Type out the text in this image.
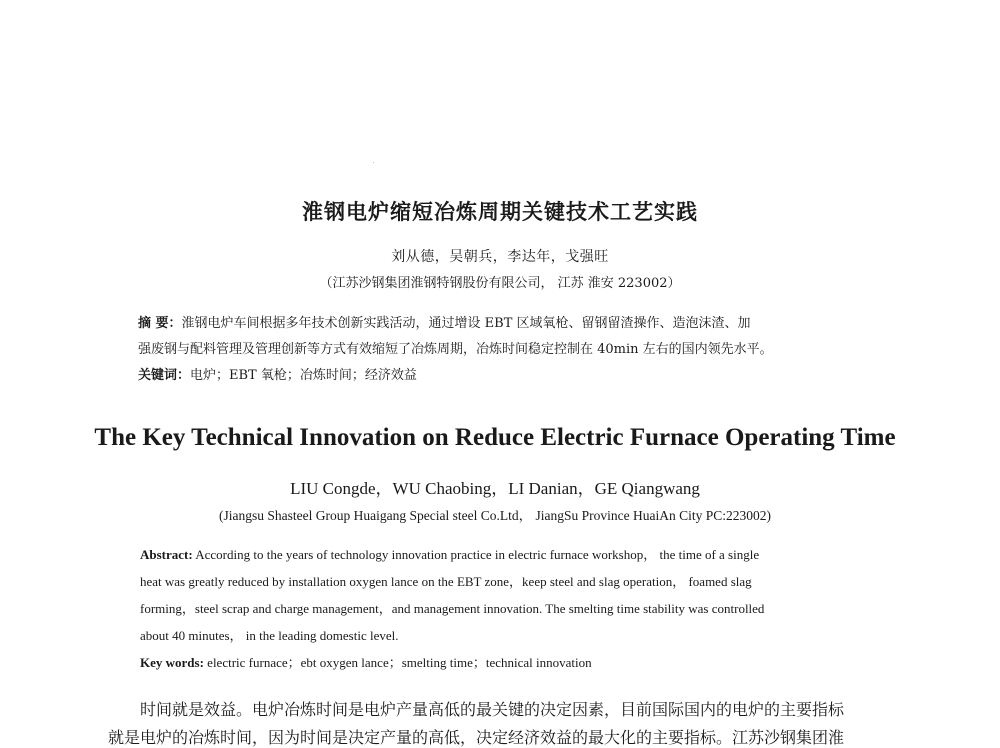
淮钢电炉缩短冶炼周期关键技术工艺实践
刘从德，吴朝兵，李达年，戈强旺
（江苏沙钢集团淮钢特钢股份有限公司， 江苏 淮安 223002）
摘 要：淮钢电炉车间根据多年技术创新实践活动，通过增设 EBT 区域氧枪、留钢留渣操作、造泡沫渣、加
强废钢与配料管理及管理创新等方式有效缩短了冶炼周期，冶炼时间稳定控制在 40min 左右的国内领先水平。
关键词：电炉；EBT 氧枪；冶炼时间；经济效益
The Key Technical Innovation on Reduce Electric Furnace Operating Time
LIU Congde，WU Chaobing，LI Danian，GE Qiangwang
(Jiangsu Shasteel Group Huaigang Special steel Co.Ltd， JiangSu Province HuaiAn City PC:223002)
Abstract: According to the years of technology innovation practice in electric furnace workshop， the time of a single
heat was greatly reduced by installation oxygen lance on the EBT zone，keep steel and slag operation， foamed slag
forming，steel scrap and charge management，and management innovation. The smelting time stability was controlled
about 40 minutes， in the leading domestic level.
Key words: electric furnace；ebt oxygen lance；smelting time；technical innovation
时间就是效益。电炉冶炼时间是电炉产量高低的最关键的决定因素，目前国际国内的电炉的主要指标
就是电炉的冶炼时间，因为时间是决定产量的高低，决定经济效益的最大化的主要指标。江苏沙钢集团淮
